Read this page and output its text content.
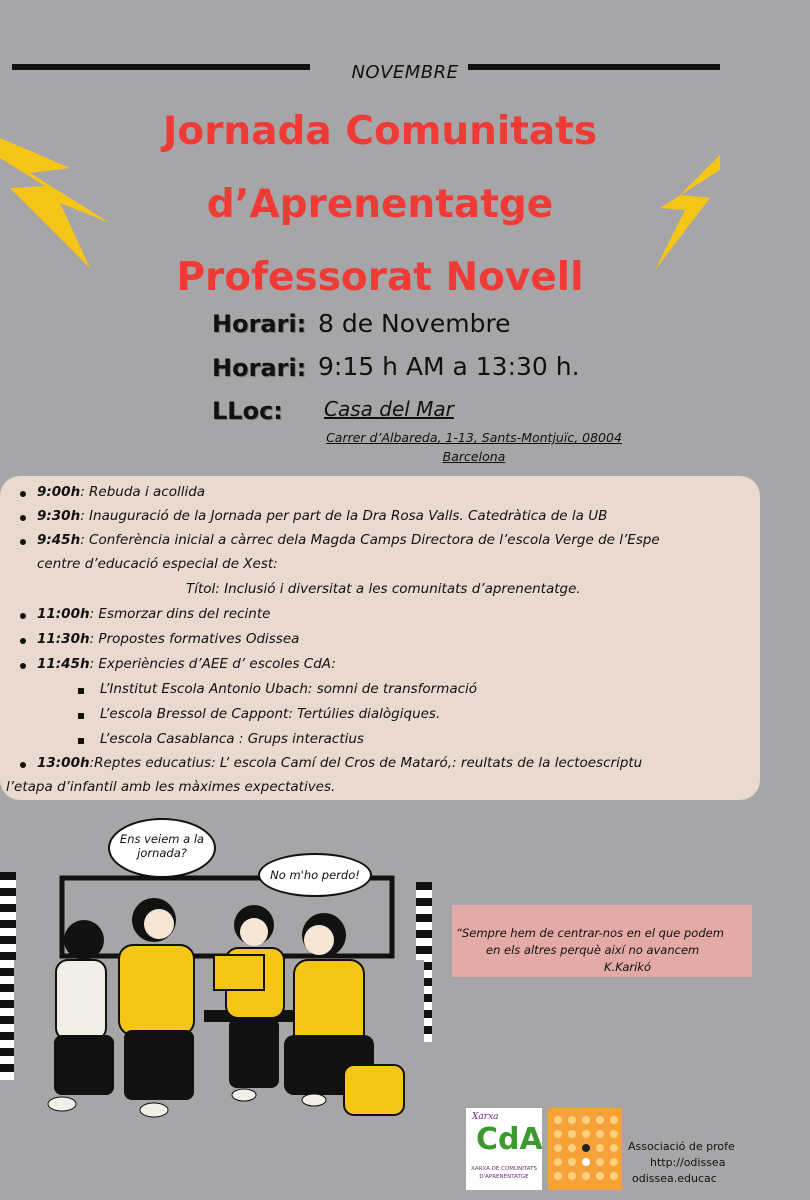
NOVEMBRE
Jornada Comunitats
d’Aprenentatge
Professorat Novell
Horari: 8 de Novembre
Horari: 9:15 h AM a 13:30 h.
LLoc: Casa del Mar
Carrer d’Albareda, 1-13, Sants-Montjuïc, 08004
Barcelona
9:00h: Rebuda i acollida
9:30h: Inauguració de la Jornada per part de la Dra Rosa Valls. Catedràtica de la UB
9:45h: Conferència inicial a càrrec dela Magda Camps Directora de l’escola Verge de l’Espe
centre d’educació especial de Xest:
Títol: Inclusió i diversitat a les comunitats d’aprenentatge.
11:00h: Esmorzar dins del recinte
11:30h: Propostes formatives Odissea
11:45h: Experiències d’AEE d’ escoles CdA:
L’Institut Escola Antonio Ubach: somni de transformació
L’escola Bressol de Cappont: Tertúlies dialògiques.
L’escola Casablanca : Grups interactius
13:00h:Reptes educatius: L’ escola Camí del Cros de Mataró,: reultats de la lectoescriptu
l’etapa d’infantil amb les màximes expectatives.
Ens veiem a la
jornada?
No m'ho perdo!
“Sempre hem de centrar-nos en el que podem
en els altres perquè així no avancem
K.Karikó
Xarxa
CdA
XARXA DE COMUNITATS
D'APRENENTATGE
Associació de profe
http://odissea
odissea.educac
